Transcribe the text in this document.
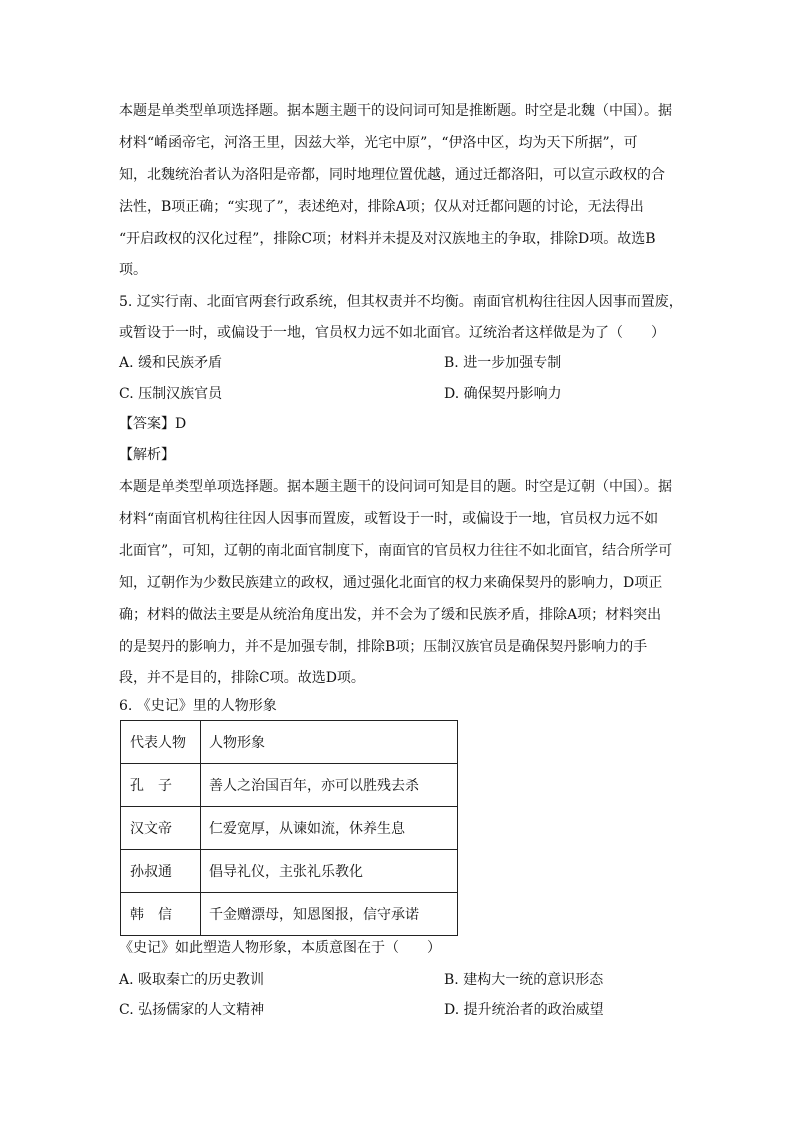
本题是单类型单项选择题。据本题主题干的设问词可知是推断题。时空是北魏（中国）。据
材料“崤函帝宅，河洛王里，因兹大举，光宅中原”，“伊洛中区，均为天下所据”，可
知，北魏统治者认为洛阳是帝都，同时地理位置优越，通过迁都洛阳，可以宣示政权的合
法性，B项正确；“实现了”，表述绝对，排除A项；仅从对迁都问题的讨论，无法得出
“开启政权的汉化过程”，排除C项；材料并未提及对汉族地主的争取，排除D项。故选B
项。
5. 辽实行南、北面官两套行政系统，但其权责并不均衡。南面官机构往往因人因事而置废，
或暂设于一时，或偏设于一地，官员权力远不如北面官。辽统治者这样做是为了（　　）
A. 缓和民族矛盾	B. 进一步加强专制
C. 压制汉族官员	D. 确保契丹影响力
【答案】D
【解析】
本题是单类型单项选择题。据本题主题干的设问词可知是目的题。时空是辽朝（中国）。据
材料“南面官机构往往因人因事而置废，或暂设于一时，或偏设于一地，官员权力远不如
北面官”，可知，辽朝的南北面官制度下，南面官的官员权力往往不如北面官，结合所学可
知，辽朝作为少数民族建立的政权，通过强化北面官的权力来确保契丹的影响力，D项正
确；材料的做法主要是从统治角度出发，并不会为了缓和民族矛盾，排除A项；材料突出
的是契丹的影响力，并不是加强专制，排除B项；压制汉族官员是确保契丹影响力的手
段，并不是目的，排除C项。故选D项。
6. 《史记》里的人物形象
代表人物	人物形象
孔　子	善人之治国百年，亦可以胜残去杀
汉文帝	仁爱宽厚，从谏如流，休养生息
孙叔通	倡导礼仪，主张礼乐教化
韩　信	千金赠漂母，知恩图报，信守承诺
《史记》如此塑造人物形象，本质意图在于（　　）
A. 吸取秦亡的历史教训	B. 建构大一统的意识形态
C. 弘扬儒家的人文精神	D. 提升统治者的政治威望
